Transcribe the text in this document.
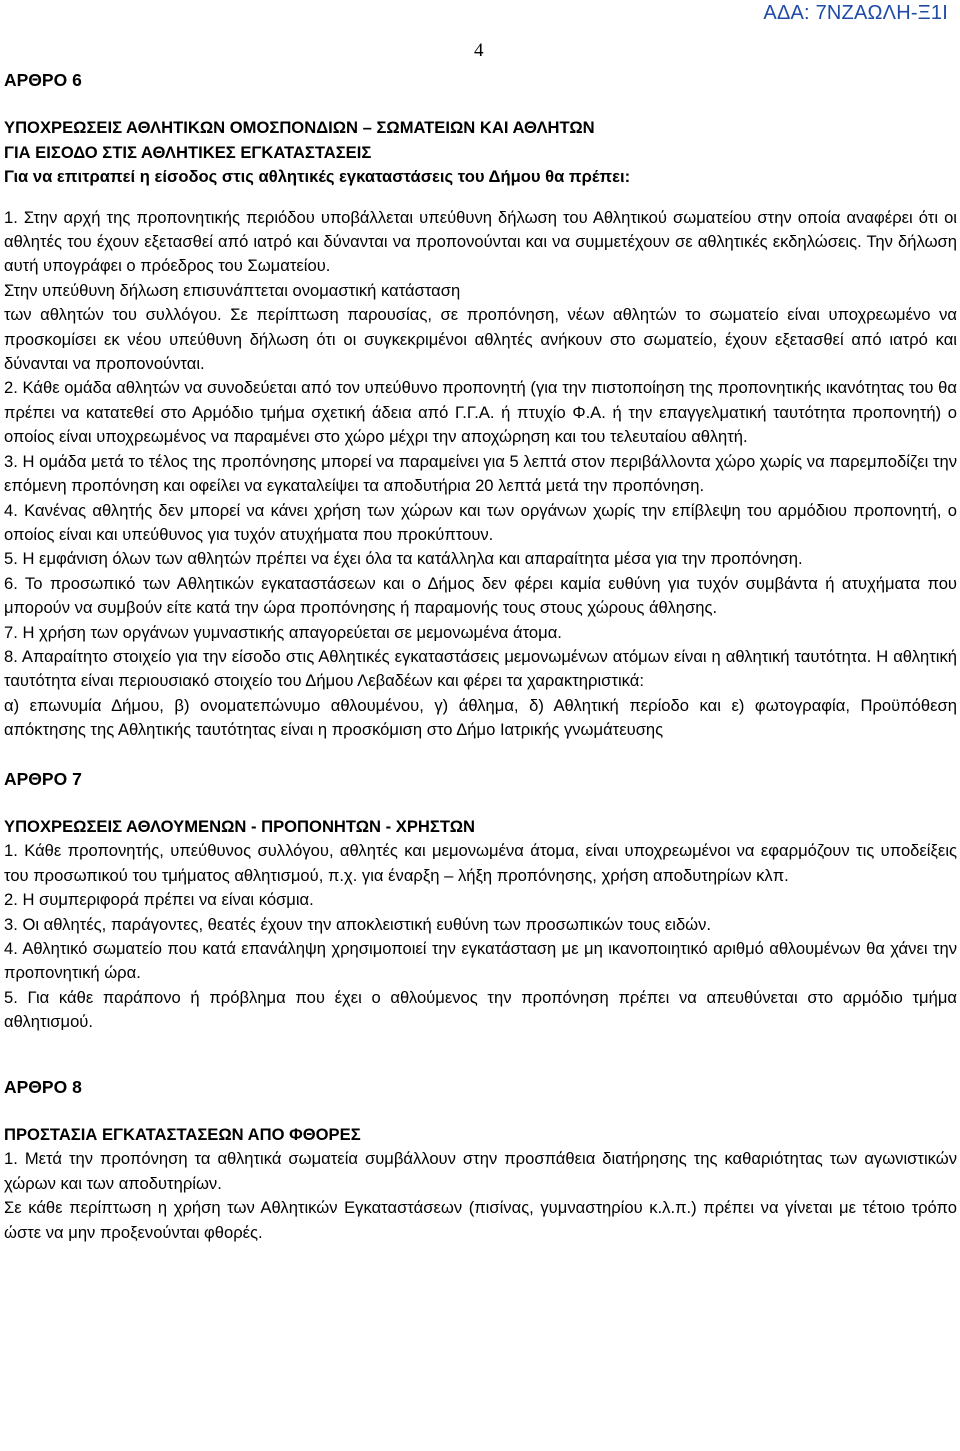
ΑΔΑ: 7ΝΖΑΩΛΗ-Ξ1Ι
4

ΑΡΘΡΟ 6

ΥΠΟΧΡΕΩΣΕΙΣ ΑΘΛΗΤΙΚΩΝ ΟΜΟΣΠΟΝΔΙΩΝ – ΣΩΜΑΤΕΙΩΝ ΚΑΙ ΑΘΛΗΤΩΝ

ΓΙΑ ΕΙΣΟΔΟ ΣΤΙΣ ΑΘΛΗΤΙΚΕΣ ΕΓΚΑΤΑΣΤΑΣΕΙΣ

Για να επιτραπεί η είσοδος στις αθλητικές εγκαταστάσεις του Δήμου θα πρέπει:

1. Στην αρχή της προπονητικής περιόδου υποβάλλεται υπεύθυνη δήλωση του Αθλητικού σωματείου στην οποία αναφέρει ότι οι αθλητές του έχουν εξετασθεί από ιατρό και δύνανται να προπονούνται και να συμμετέχουν σε αθλητικές εκδηλώσεις. Την δήλωση αυτή υπογράφει ο πρόεδρος του Σωματείου.

Στην υπεύθυνη δήλωση επισυνάπτεται ονομαστική κατάσταση

των αθλητών του συλλόγου. Σε περίπτωση παρουσίας, σε προπόνηση, νέων αθλητών το σωματείο είναι υποχρεωμένο να προσκομίσει εκ νέου υπεύθυνη δήλωση ότι οι συγκεκριμένοι αθλητές ανήκουν στο σωματείο, έχουν εξετασθεί από ιατρό και δύνανται να προπονούνται.

2. Κάθε ομάδα αθλητών να συνοδεύεται από τον υπεύθυνο προπονητή (για την πιστοποίηση της προπονητικής ικανότητας του θα πρέπει να κατατεθεί στο Αρμόδιο τμήμα σχετική άδεια από Γ.Γ.Α. ή πτυχίο Φ.Α. ή την επαγγελματική ταυτότητα προπονητή) ο οποίος είναι υποχρεωμένος να παραμένει στο χώρο μέχρι την αποχώρηση και του τελευταίου αθλητή.

3. Η ομάδα μετά το τέλος της προπόνησης μπορεί να παραμείνει για 5 λεπτά στον περιβάλλοντα χώρο χωρίς να παρεμποδίζει την επόμενη προπόνηση και οφείλει να εγκαταλείψει τα αποδυτήρια 20 λεπτά μετά την προπόνηση.

4. Κανένας αθλητής δεν μπορεί να κάνει χρήση των χώρων και των οργάνων χωρίς την επίβλεψη του αρμόδιου προπονητή, ο οποίος είναι και υπεύθυνος για τυχόν ατυχήματα που προκύπτουν.

5. Η εμφάνιση όλων των αθλητών πρέπει να έχει όλα τα κατάλληλα και απαραίτητα μέσα για την προπόνηση.

6. Το προσωπικό των Αθλητικών εγκαταστάσεων και ο Δήμος δεν φέρει καμία ευθύνη για τυχόν συμβάντα ή ατυχήματα που μπορούν να συμβούν είτε κατά την ώρα προπόνησης ή παραμονής τους στους χώρους άθλησης.

7. Η χρήση των οργάνων γυμναστικής απαγορεύεται σε μεμονωμένα άτομα.

8. Απαραίτητο στοιχείο για την είσοδο στις Αθλητικές εγκαταστάσεις μεμονωμένων ατόμων είναι η αθλητική ταυτότητα. Η αθλητική ταυτότητα είναι περιουσιακό στοιχείο του Δήμου Λεβαδέων και φέρει τα χαρακτηριστικά:

α) επωνυμία Δήμου, β) ονοματεπώνυμο αθλουμένου, γ) άθλημα, δ) Αθλητική περίοδο και ε) φωτογραφία, Προϋπόθεση απόκτησης της Αθλητικής ταυτότητας είναι η προσκόμιση στο Δήμο Ιατρικής γνωμάτευσης

ΑΡΘΡΟ 7

ΥΠΟΧΡΕΩΣΕΙΣ ΑΘΛΟΥΜΕΝΩΝ - ΠΡΟΠΟΝΗΤΩΝ - ΧΡΗΣΤΩΝ

1. Κάθε προπονητής, υπεύθυνος συλλόγου, αθλητές και μεμονωμένα άτομα, είναι υποχρεωμένοι να εφαρμόζουν τις υποδείξεις του προσωπικού του τμήματος αθλητισμού, π.χ. για έναρξη – λήξη προπόνησης, χρήση αποδυτηρίων κλπ.

2. Η συμπεριφορά πρέπει να είναι κόσμια.

3. Οι αθλητές, παράγοντες, θεατές έχουν την αποκλειστική ευθύνη των προσωπικών τους ειδών.

4. Αθλητικό σωματείο που κατά επανάληψη χρησιμοποιεί την εγκατάσταση με μη ικανοποιητικό αριθμό αθλουμένων θα χάνει την προπονητική ώρα.

5. Για κάθε παράπονο ή πρόβλημα που έχει ο αθλούμενος την προπόνηση πρέπει να απευθύνεται στο αρμόδιο τμήμα αθλητισμού.

ΑΡΘΡΟ 8

ΠΡΟΣΤΑΣΙΑ ΕΓΚΑΤΑΣΤΑΣΕΩΝ ΑΠΟ ΦΘΟΡΕΣ

1. Μετά την προπόνηση τα αθλητικά σωματεία συμβάλλουν στην προσπάθεια διατήρησης της καθαριότητας των αγωνιστικών χώρων και των αποδυτηρίων.

Σε κάθε περίπτωση η χρήση των Αθλητικών Εγκαταστάσεων (πισίνας, γυμναστηρίου κ.λ.π.) πρέπει να γίνεται με τέτοιο τρόπο ώστε να μην προξενούνται φθορές.
